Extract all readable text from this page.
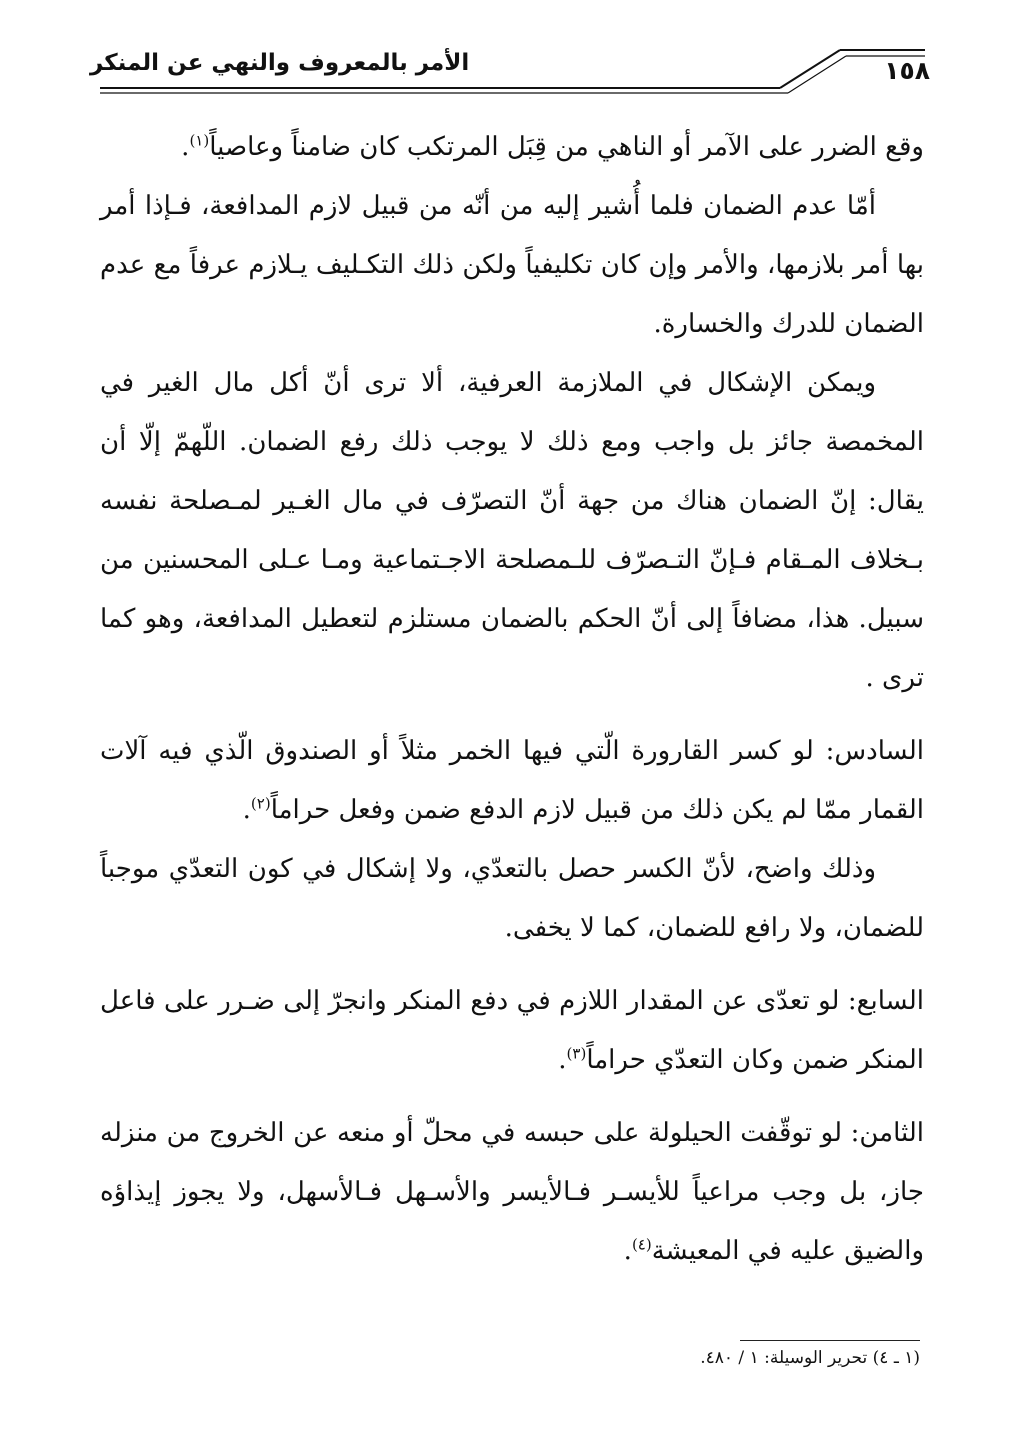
الأمر بالمعروف والنهي عن المنكر	١٥٨

وقع الضرر على الآمر أو الناهي من قِبَل المرتكب كان ضامناً وعاصياً$^{(١)}$.

أمّا عدم الضمان فلما أُشير إليه من أنّه من قبيل لازم المدافعة، فـإذا أمر بها أمر بلازمها، والأمر وإن كان تكليفياً ولكن ذلك التكـليف يـلازم عرفاً مع عدم الضمان للدرك والخسارة.

ويمكن الإشكال في الملازمة العرفية، ألا ترى أنّ أكل مال الغير في المخمصة جائز بل واجب ومع ذلك لا يوجب ذلك رفع الضمان. اللّهمّ إلّا أن يقال: إنّ الضمان هناك من جهة أنّ التصرّف في مال الغـير لمـصلحة نفسه بـخلاف المـقام فـإنّ التـصرّف للـمصلحة الاجـتماعية ومـا عـلى المحسنين من سبيل. هذا، مضافاً إلى أنّ الحكم بالضمان مستلزم لتعطيل المدافعة، وهو كما ترى .

السادس: لو كسر القارورة الّتي فيها الخمر مثلاً أو الصندوق الّذي فيه آلات القمار ممّا لم يكن ذلك من قبيل لازم الدفع ضمن وفعل حراماً$^{(٢)}$.

وذلك واضح، لأنّ الكسر حصل بالتعدّي، ولا إشكال في كون التعدّي موجباً للضمان، ولا رافع للضمان، كما لا يخفى.

السابع: لو تعدّى عن المقدار اللازم في دفع المنكر وانجرّ إلى ضـرر على فاعل المنكر ضمن وكان التعدّي حراماً$^{(٣)}$.

الثامن: لو توقّفت الحيلولة على حبسه في محلّ أو منعه عن الخروج من منزله جاز، بل وجب مراعياً للأيسـر فـالأيسر والأسـهل فـالأسهل، ولا يجوز إيذاؤه والضيق عليه في المعيشة$^{(٤)}$.

(١ ـ ٤) تحرير الوسيلة: ١ / ٤٨٠.
